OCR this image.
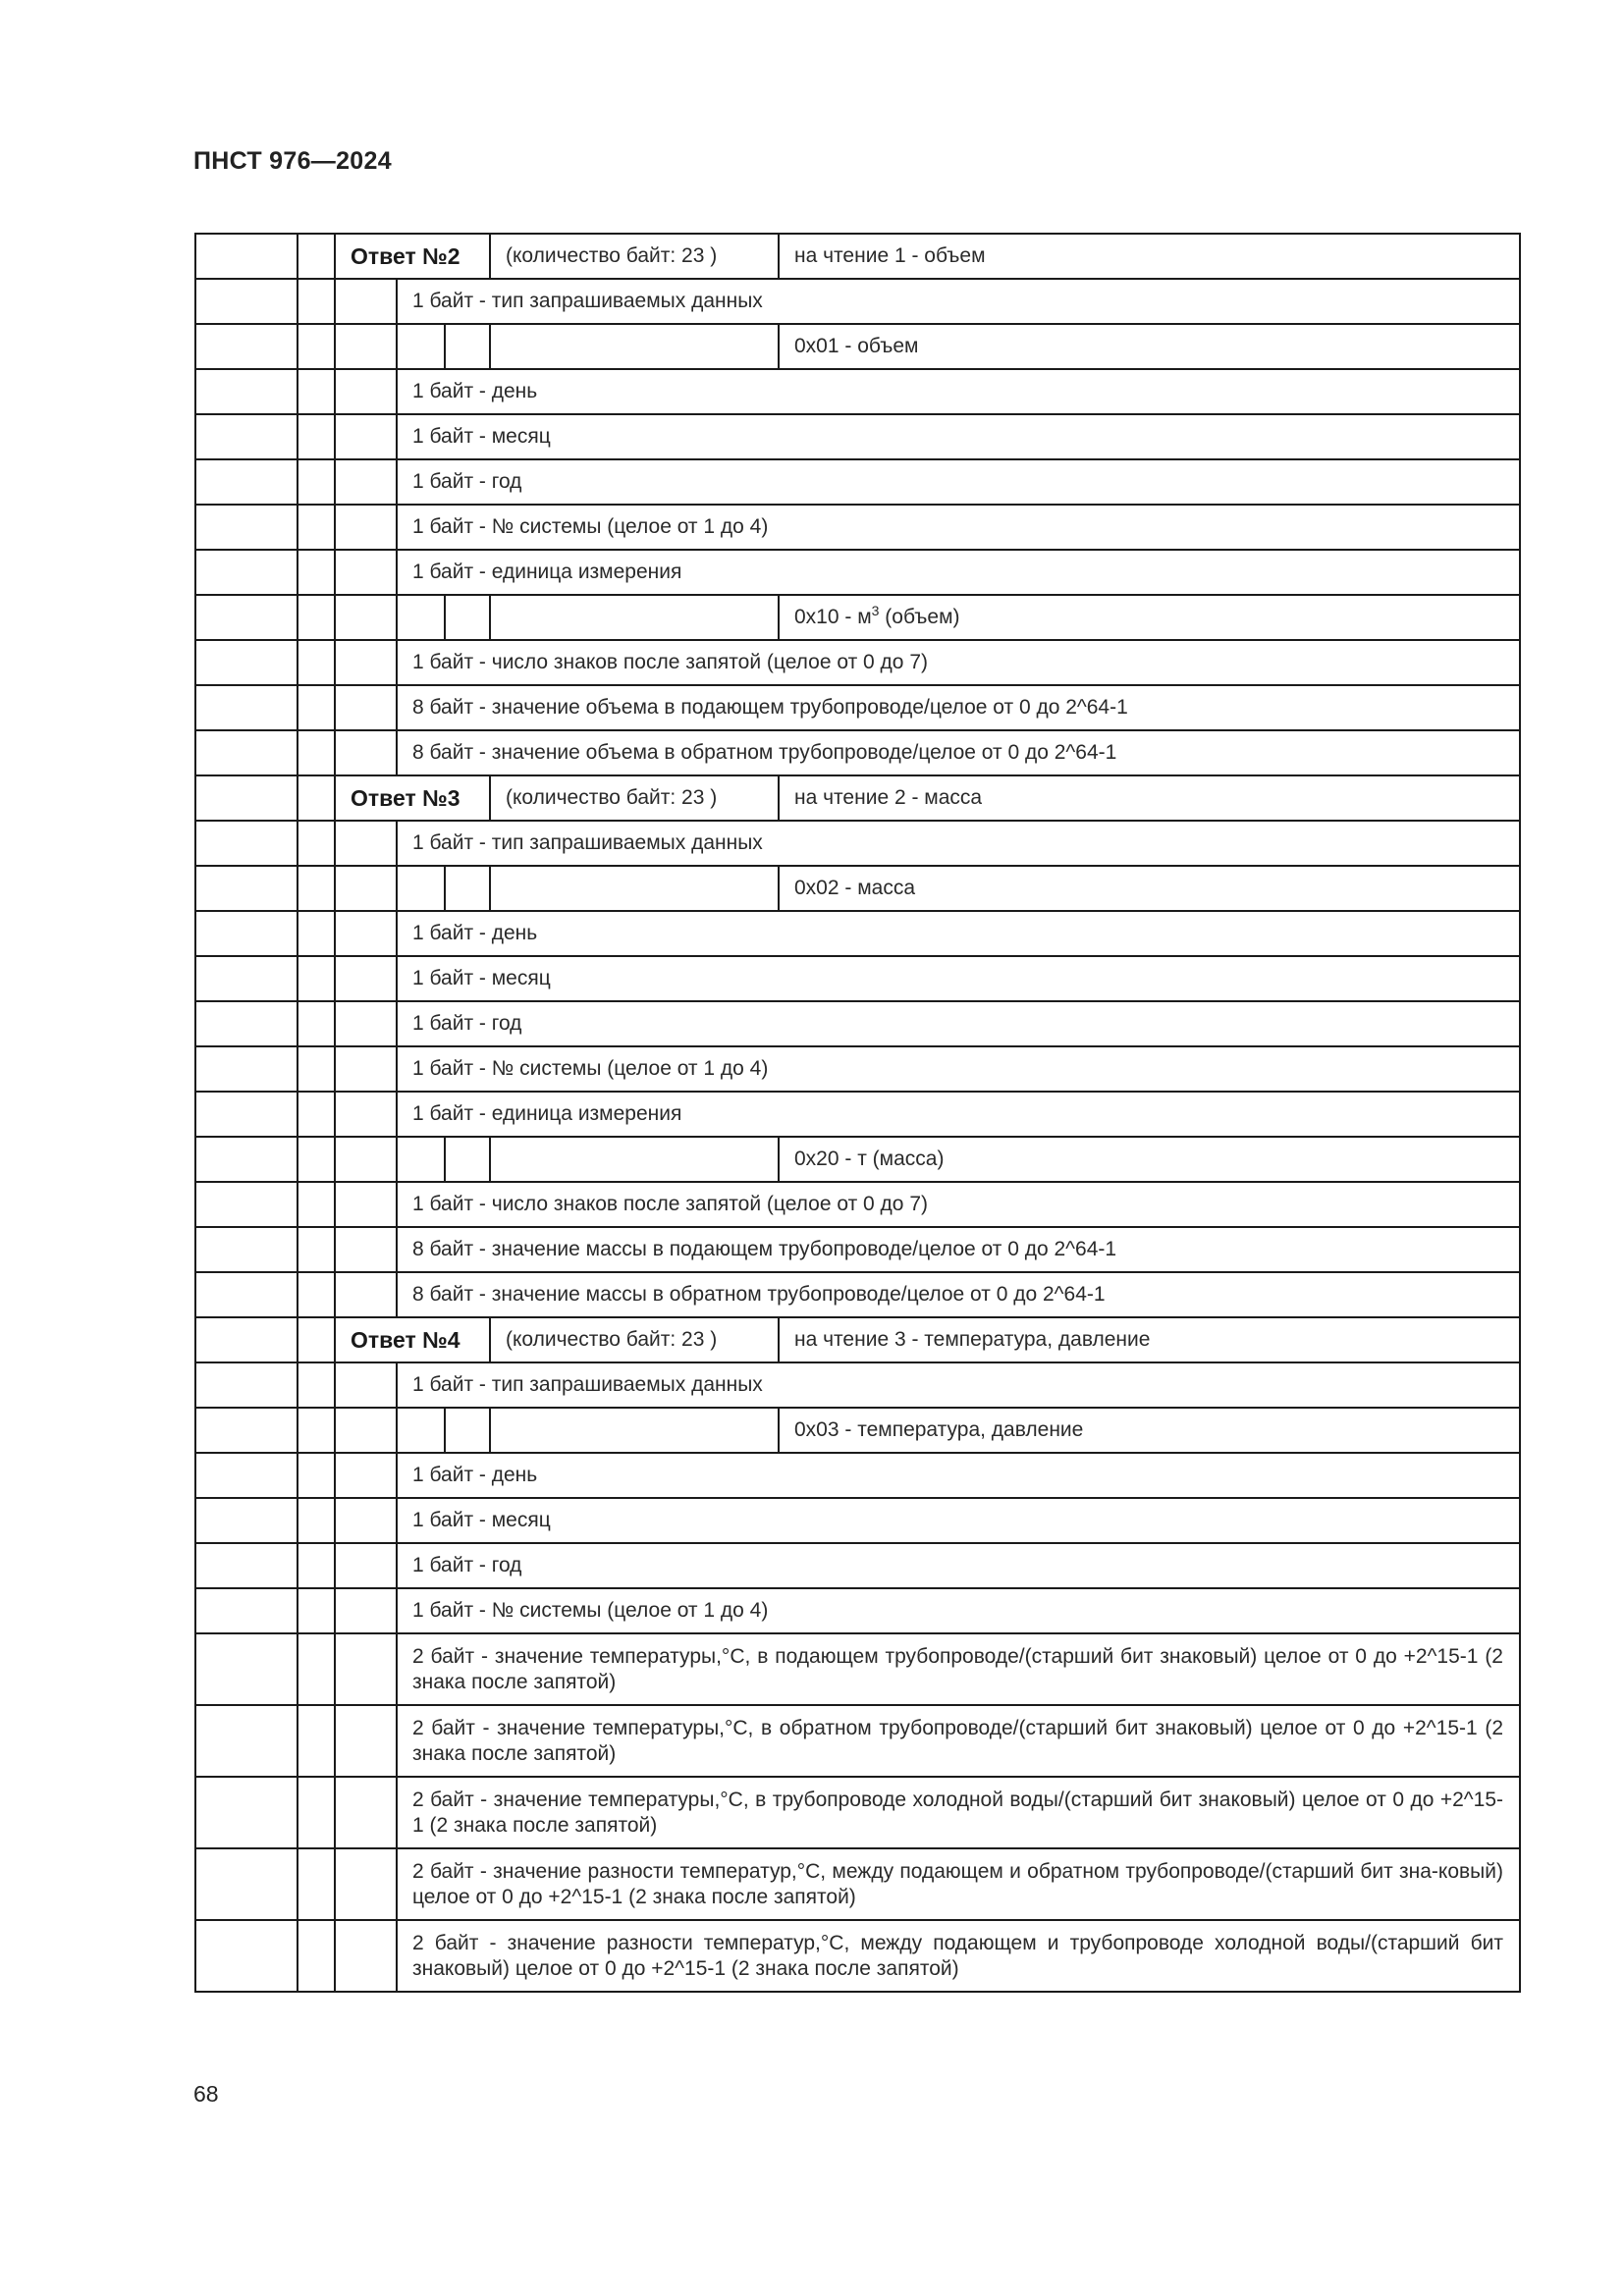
ПНСТ 976—2024
		Ответ №2			(количество байт: 23 )	на чтение 1 - объем
			1 байт - тип запрашиваемых данных			
						0x01 - объем
			1 байт - день			
			1 байт - месяц			
			1 байт - год			
			1 байт - № системы (целое от 1 до 4)			
			1 байт - единица измерения			
						$0x10 - м^3$ (объем)
			1 байт - число знаков после запятой (целое от 0 до 7)			
			8 байт - значение объема в подающем трубопроводе/целое от 0 до 2^64-1			
			8 байт - значение объема в обратном трубопроводе/целое от 0 до 2^64-1			
		Ответ №3			(количество байт: 23 )	на чтение 2 - масса
			1 байт - тип запрашиваемых данных			
						0x02 - масса
			1 байт - день			
			1 байт - месяц			
			1 байт - год			
			1 байт - № системы (целое от 1 до 4)			
			1 байт - единица измерения			
						0x20 - т (масса)
			1 байт - число знаков после запятой (целое от 0 до 7)			
			8 байт - значение массы в подающем трубопроводе/целое от 0 до 2^64-1			
			8 байт - значение массы в обратном трубопроводе/целое от 0 до 2^64-1			
		Ответ №4			(количество байт: 23 )	на чтение 3 - температура, давление
			1 байт - тип запрашиваемых данных			
						0x03 - температура, давление
			1 байт - день			
			1 байт - месяц			
			1 байт - год			
			1 байт - № системы (целое от 1 до 4)			
			2 байт - значение температуры,°С, в подающем трубопроводе/(старший бит знаковый) целое от 0 до +2^15-1 (2 знака после запятой)			
			2 байт - значение температуры,°С, в обратном трубопроводе/(старший бит знаковый) целое от 0 до +2^15-1 (2 знака после запятой)			
			2 байт - значение температуры,°С, в трубопроводе холодной воды/(старший бит знаковый) целое от 0 до +2^15-1 (2 знака после запятой)			
			2 байт - значение разности температур,°С, между подающем и обратном трубопроводе/(старший бит зна-ковый) целое от 0 до +2^15-1 (2 знака после запятой)			
			2 байт - значение разности температур,°С, между подающем и трубопроводе холодной воды/(старший бит знаковый) целое от 0 до +2^15-1 (2 знака после запятой)			
68
